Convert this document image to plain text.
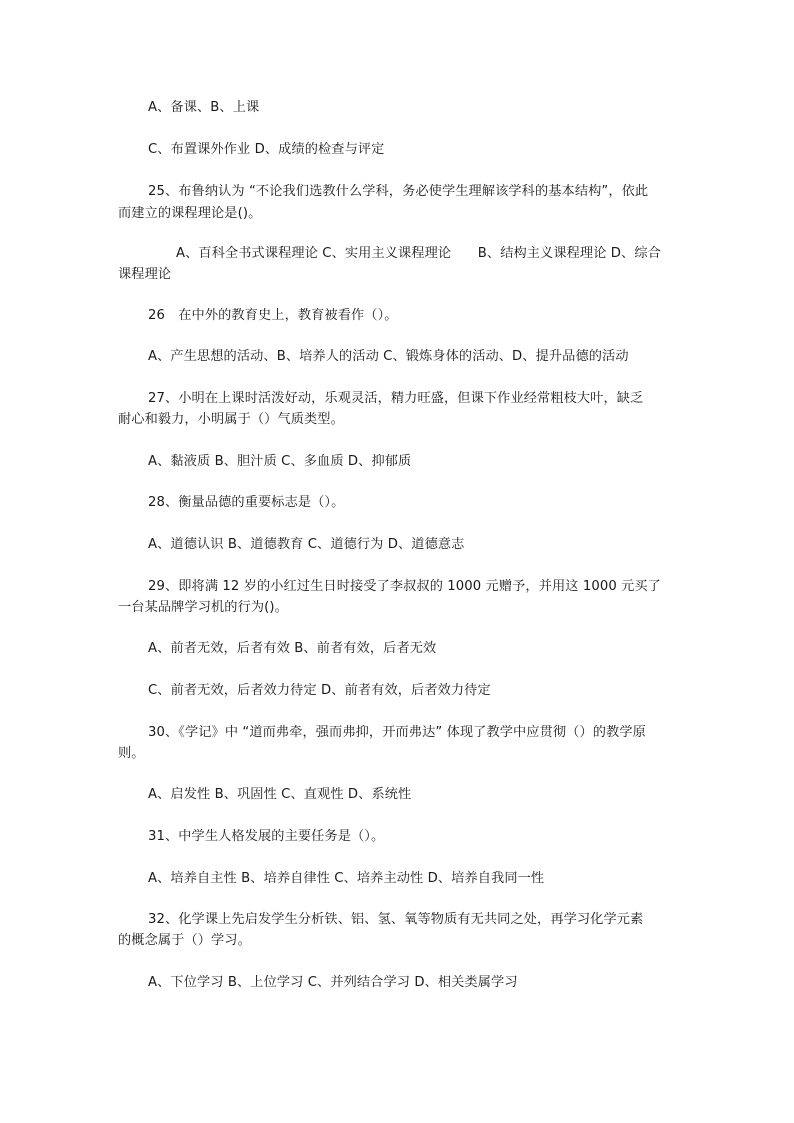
A、备课、B、上课
C、布置课外作业 D、成绩的检查与评定
25、布鲁纳认为 “不论我们选教什么学科，务必使学生理解该学科的基本结构”，依此
而建立的课程理论是()。
A、百科全书式课程理论 C、实用主义课程理论　　B、结构主义课程理论 D、综合
课程理论
26　在中外的教育史上，教育被看作（）。
A、产生思想的活动、B、培养人的活动 C、锻炼身体的活动、D、提升品德的活动
27、小明在上课时活泼好动，乐观灵活，精力旺盛，但课下作业经常粗枝大叶，缺乏
耐心和毅力，小明属于（）气质类型。
A、黏液质 B、胆汁质 C、多血质 D、抑郁质
28、衡量品德的重要标志是（）。
A、道德认识 B、道德教育 C、道德行为 D、道德意志
29、即将满 12 岁的小红过生日时接受了李叔叔的 1000 元赠予，并用这 1000 元买了
一台某品牌学习机的行为()。
A、前者无效，后者有效 B、前者有效，后者无效
C、前者无效，后者效力待定 D、前者有效，后者效力待定
30、《学记》中 “道而弗牵，强而弗抑，开而弗达” 体现了教学中应贯彻（）的教学原
则。
A、启发性 B、巩固性 C、直观性 D、系统性
31、中学生人格发展的主要任务是（）。
A、培养自主性 B、培养自律性 C、培养主动性 D、培养自我同一性
32、化学课上先启发学生分析铁、铝、氢、氧等物质有无共同之处，再学习化学元素
的概念属于（）学习。
A、下位学习 B、上位学习 C、并列结合学习 D、相关类属学习
